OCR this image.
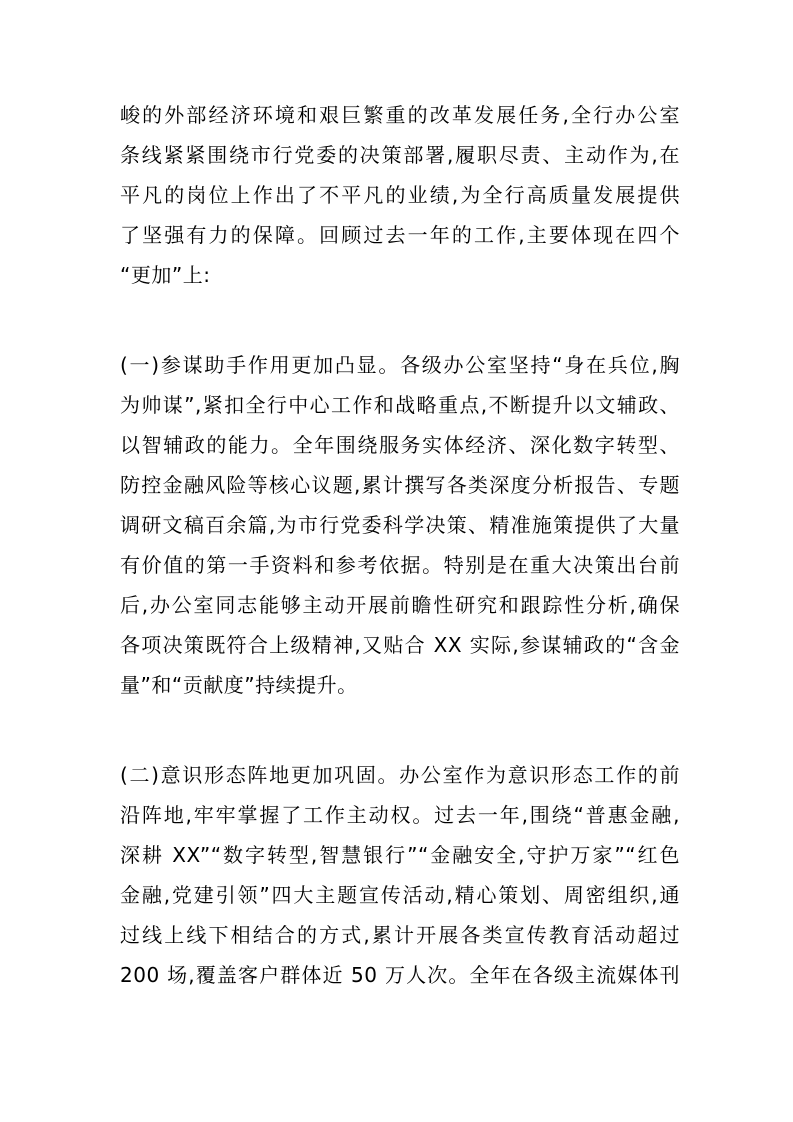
峻的外部经济环境和艰巨繁重的改革发展任务,全行办公室
条线紧紧围绕市行党委的决策部署,履职尽责、主动作为,在
平凡的岗位上作出了不平凡的业绩,为全行高质量发展提供
了坚强有力的保障。回顾过去一年的工作,主要体现在四个
“更加”上:
(一)参谋助手作用更加凸显。各级办公室坚持“身在兵位,胸
为帅谋”,紧扣全行中心工作和战略重点,不断提升以文辅政、
以智辅政的能力。全年围绕服务实体经济、深化数字转型、
防控金融风险等核心议题,累计撰写各类深度分析报告、专题
调研文稿百余篇,为市行党委科学决策、精准施策提供了大量
有价值的第一手资料和参考依据。特别是在重大决策出台前
后,办公室同志能够主动开展前瞻性研究和跟踪性分析,确保
各项决策既符合上级精神,又贴合 XX 实际,参谋辅政的“含金
量”和“贡献度”持续提升。
(二)意识形态阵地更加巩固。办公室作为意识形态工作的前
沿阵地,牢牢掌握了工作主动权。过去一年,围绕“普惠金融,
深耕 XX”“数字转型,智慧银行”“金融安全,守护万家”“红色
金融,党建引领”四大主题宣传活动,精心策划、周密组织,通
过线上线下相结合的方式,累计开展各类宣传教育活动超过
200 场,覆盖客户群体近 50 万人次。全年在各级主流媒体刊
